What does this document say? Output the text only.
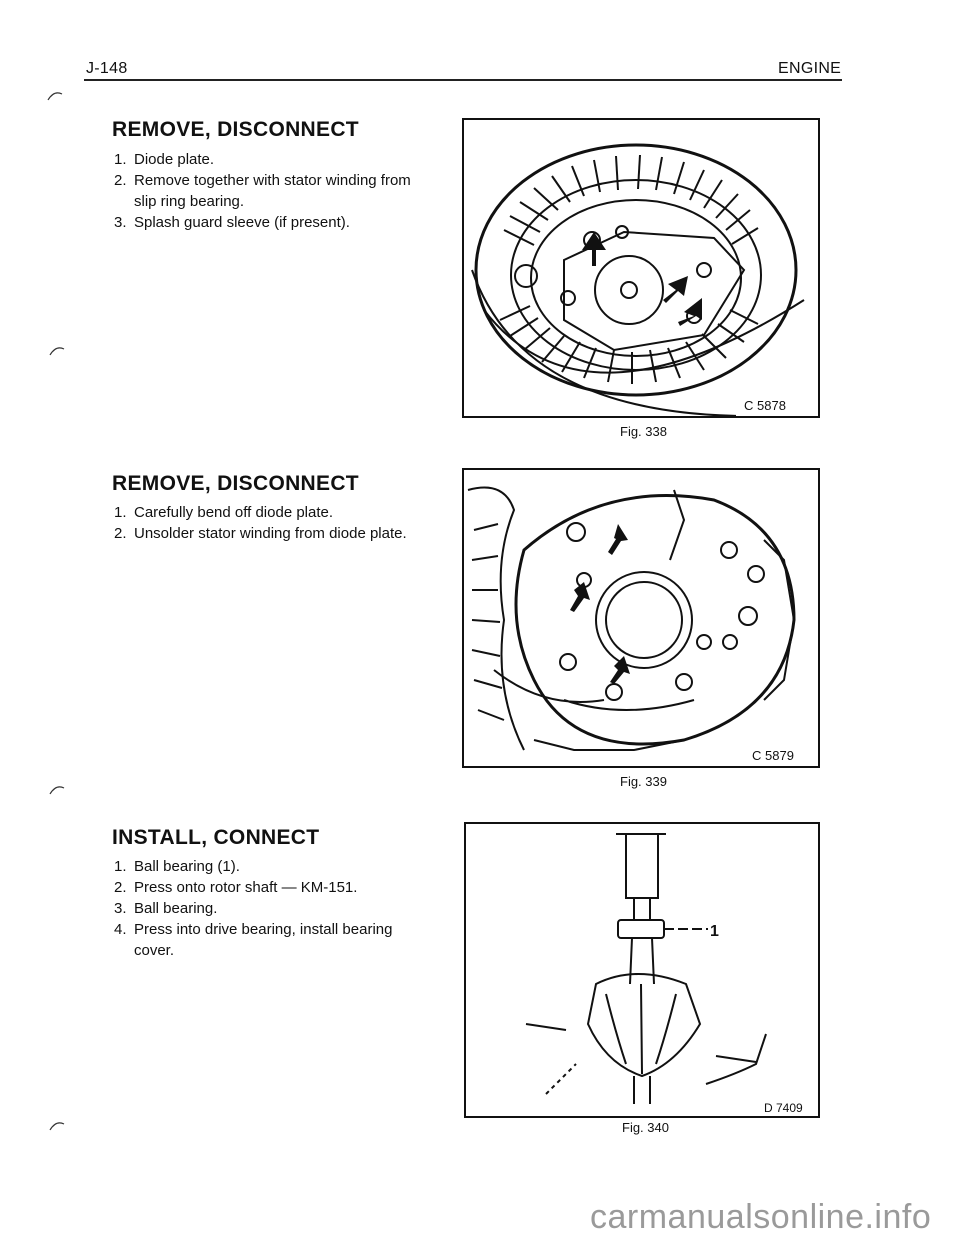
J-148	ENGINE
REMOVE, DISCONNECT
1. Diode plate.
2. Remove together with stator winding from slip ring bearing.
3. Splash guard sleeve (if present).
C 5878
Fig. 338
REMOVE, DISCONNECT
1. Carefully bend off diode plate.
2. Unsolder stator winding from diode plate.
C 5879
Fig. 339
INSTALL, CONNECT
1. Ball bearing (1).
2. Press onto rotor shaft — KM-151.
3. Ball bearing.
4. Press into drive bearing, install bearing cover.
1
D 7409
Fig. 340
carmanualsonline.info
